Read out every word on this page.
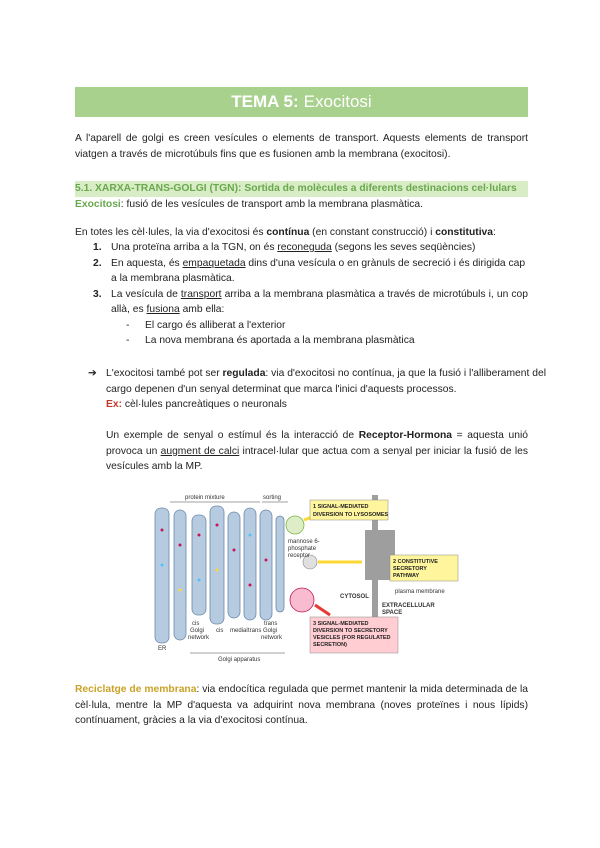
TEMA 5: Exocitosi
A l'aparell de golgi es creen vesícules o elements de transport. Aquests elements de transport viatgen a través de microtúbuls fins que es fusionen amb la membrana (exocitosi).
5.1. XARXA-TRANS-GOLGI (TGN): Sortida de molècules a diferents destinacions cel·lulars
Exocitosi: fusió de les vesícules de transport amb la membrana plasmàtica.
En totes les cèl·lules, la via d'exocitosi és contínua (en constant construcció) i constitutiva:
1. Una proteïna arriba a la TGN, on és reconeguda (segons les seves seqüències)
2. En aquesta, és empaquetada dins d'una vesícula o en grànuls de secreció i és dirigida cap a la membrana plasmàtica.
3. La vesícula de transport arriba a la membrana plasmàtica a través de microtúbuls i, un cop allà, es fusiona amb ella:
- El cargo és alliberat a l'exterior
- La nova membrana és aportada a la membrana plasmàtica
➔ L'exocitosi també pot ser regulada: via d'exocitosi no contínua, ja que la fusió i l'alliberament del cargo depenen d'un senyal determinat que marca l'inici d'aquests processos.
Ex: cèl·lules pancreàtiques o neuronals
Un exemple de senyal o estímul és la interacció de Receptor-Hormona = aquesta unió provoca un augment de calci intracel·lular que actua com a senyal per iniciar la fusió de les vesícules amb la MP.
protein mixture	sorting
1 SIGNAL-MEDIATED
DIVERSION TO LYSOSOMES
mannose 6-
phosphate
receptor
2 CONSTITUTIVE
SECRETORY
PATHWAY
plasma membrane
CYTOSOL
EXTRACELLULAR
SPACE
3 SIGNAL-MEDIATED
DIVERSION TO SECRETORY
VESICLES (FOR REGULATED
SECRETION)
ER
cis
Golgi
network
cis medial trans
trans
Golgi
network
Golgi apparatus
Reciclatge de membrana: via endocítica regulada que permet mantenir la mida determinada de la cèl·lula, mentre la MP d'aquesta va adquirint nova membrana (noves proteïnes i nous lípids) contínuament, gràcies a la via d'exocitosi contínua.
